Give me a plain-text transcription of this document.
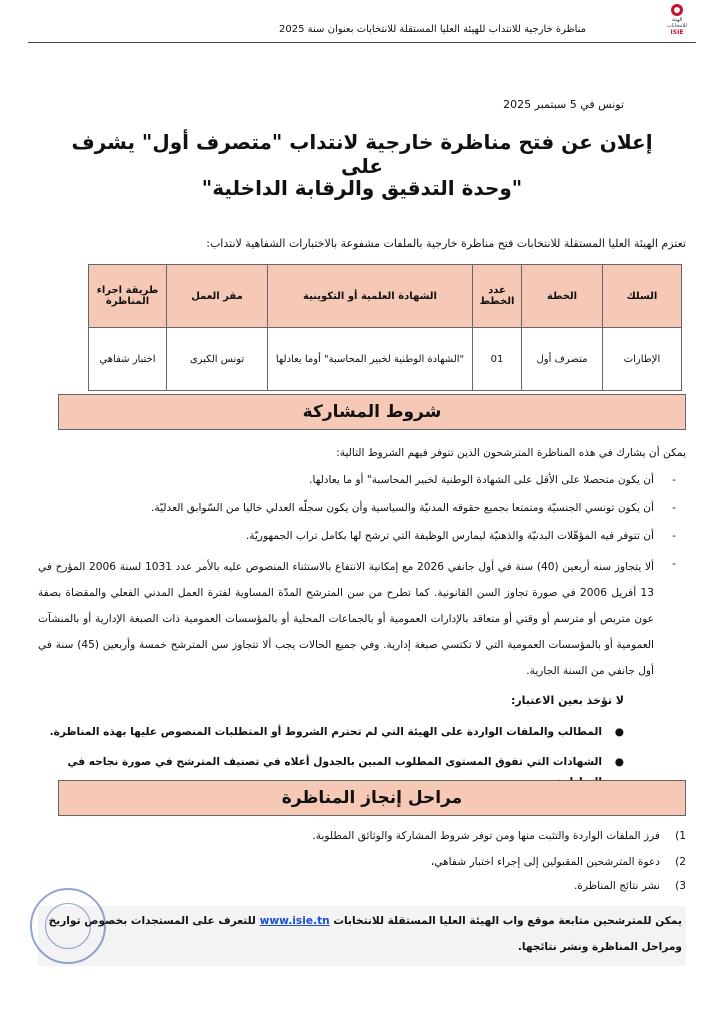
الهيئة للانتخابات
ISIE
مناظرة خارجية للانتداب للهيئة العليا المستقلة للانتخابات بعنوان سنة 2025
تونس في 5 سبتمبر 2025
إعلان عن فتح مناظرة خارجية لانتداب "متصرف أول" يشرف على
"وحدة التدقيق والرقابة الداخلية"
تعتزم الهيئة العليا المستقلة للانتخابات فتح مناظرة خارجية بالملفات مشفوعة بالاختبارات الشفاهية لانتداب:
السلك	الخطة	عدد الخطط	الشهادة العلمية أو التكوينية	مقر العمل	طريقة اجراء المناظرة
الإطارات	متصرف أول	01	"الشهادة الوطنية لخبير المحاسبة" أوما يعادلها	تونس الكبرى	اختبار شفاهي
شروط المشاركة
يمكن أن يشارك في هذه المناظرة المترشحون الذين تتوفر فيهم الشروط التالية:
-
أن يكون متحصلا على الأقل على الشهادة الوطنية لخبير المحاسبة" أو ما يعادلها.
-
أن يكون تونسي الجنسيّة ومتمتعا بجميع حقوقه المدنيّة والسياسية وأن يكون سجلّه العدلي خاليا من السّوابق العدليّة.
-
أن تتوفر فيه المؤهّلات البدنيّة والذهنيّة ليمارس الوظيفة التي ترشح لها بكامل تراب الجمهوريّة.
-
ألا يتجاوز سنه أربعين (40) سنة في أول جانفي 2026 مع إمكانية الانتفاع بالاستثناء المنصوص عليه بالأمر عدد 1031 لسنة 2006 المؤرخ في 13 أفريل 2006 في صورة تجاوز السن القانونية. كما تطرح من سن المترشح المدّة المساوية لفترة العمل المدني الفعلي والمقضاة بصفة عون متربص أو مترسم أو وقتي أو متعاقد بالإدارات العمومية أو بالجماعات المحلية أو بالمؤسسات العمومية ذات الصبغة الإدارية أو بالمنشآت العمومية أو بالمؤسسات العمومية التي لا تكتسي صبغة إدارية. وفي جميع الحالات يجب ألا تتجاوز سن المترشح خمسة وأربعين (45) سنة في أول جانفي من السنة الجارية.
لا تؤخذ بعين الاعتبار:
●
المطالب والملفات الواردة على الهيئة التي لم تحترم الشروط أو المتطلبات المنصوص عليها بهذه المناظرة.
●
الشهادات التي تفوق المستوى المطلوب المبين بالجدول أعلاه في تصنيف المترشح في صورة نجاحه في
مراحل إنجاز المناظرة
1)
فرز الملفات الواردة والتثبت منها ومن توفر شروط المشاركة والوثائق المطلوبة.
2)
دعوة المترشحين المقبولين إلى إجراء اختبار شفاهي،
3)
نشر نتائج المناظرة.
يمكن للمترشحين متابعة موقع واب الهيئة العليا المستقلة للانتخابات www.isie.tn للتعرف على المستجدات بخصوص تواريخ
ومراحل المناظرة ونشر نتائجها.
